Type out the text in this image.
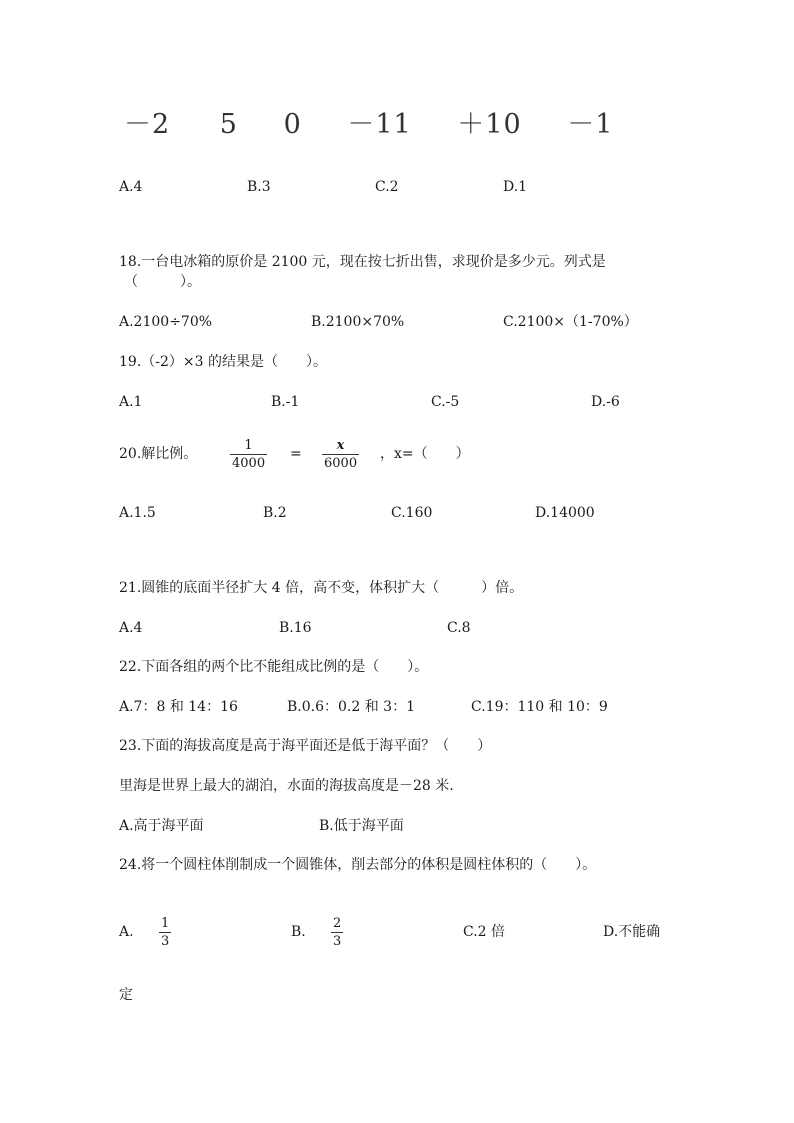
－2 5 0 －11 ＋10 －1
A.4	B.3	C.2	D.1
18.一台电冰箱的原价是 2100 元，现在按七折出售，求现价是多少元。列式是
（　　　）。
A.2100÷70%	B.2100×70%	C.2100×（1-70%）
19.（-2）×3 的结果是（　　）。
A.1	B.-1	C.-5	D.-6
20.解比例。	$\frac{1}{4000} = \frac{x}{6000}$ ，x=（　　）
A.1.5	B.2	C.160	D.14000
21.圆锥的底面半径扩大 4 倍，高不变，体积扩大（　　　）倍。
A.4	B.16	C.8
22.下面各组的两个比不能组成比例的是（　　）。
A.7：8 和 14：16	B.0.6：0.2 和 3：1	C.19：110 和 10：9
23.下面的海拔高度是高于海平面还是低于海平面？（　　）
里海是世界上最大的湖泊，水面的海拔高度是－28 米.
A.高于海平面	B.低于海平面
24.将一个圆柱体削制成一个圆锥体，削去部分的体积是圆柱体积的（　　）。
A. $\frac{1}{3}$	B. $\frac{2}{3}$	C.2 倍	D.不能确
定
